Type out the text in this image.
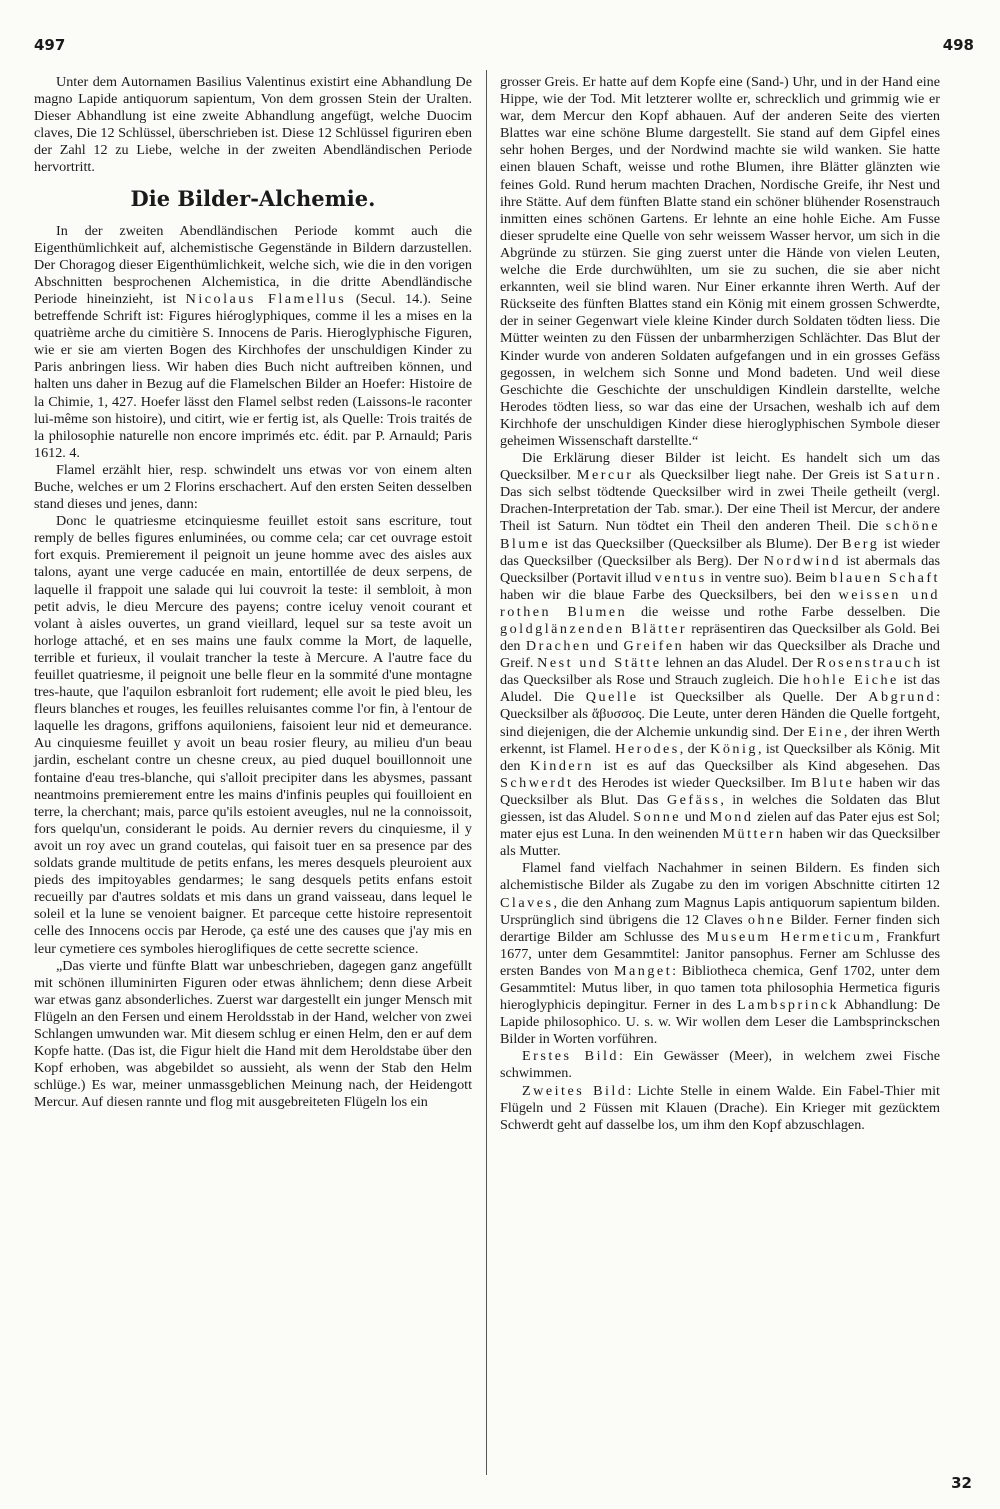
497	498

Unter dem Autornamen Basilius Valentinus existirt eine Abhandlung De magno Lapide antiquorum sapientum, Von dem grossen Stein der Uralten. Dieser Abhandlung ist eine zweite Abhandlung angefügt, welche Duocim claves, Die 12 Schlüssel, überschrieben ist. Diese 12 Schlüssel figuriren eben der Zahl 12 zu Liebe, welche in der zweiten Abendländischen Periode hervortritt.

Die Bilder-Alchemie.

In der zweiten Abendländischen Periode kommt auch die Eigenthümlichkeit auf, alchemistische Gegenstände in Bildern darzustellen. Der Choragog dieser Eigenthümlichkeit, welche sich, wie die in den vorigen Abschnitten besprochenen Alchemistica, in die dritte Abendländische Periode hineinzieht, ist Nicolaus Flamellus (Secul. 14.). Seine betreffende Schrift ist: Figures hiéroglyphiques, comme il les a mises en la quatrième arche du cimitière S. Innocens de Paris. Hieroglyphische Figuren, wie er sie am vierten Bogen des Kirchhofes der unschuldigen Kinder zu Paris anbringen liess. Wir haben dies Buch nicht auftreiben können, und halten uns daher in Bezug auf die Flamelschen Bilder an Hoefer: Histoire de la Chimie, 1, 427. Hoefer lässt den Flamel selbst reden (Laissons-le raconter lui-même son histoire), und citirt, wie er fertig ist, als Quelle: Trois traités de la philosophie naturelle non encore imprimés etc. édit. par P. Arnauld; Paris 1612. 4.

Flamel erzählt hier, resp. schwindelt uns etwas vor von einem alten Buche, welches er um 2 Florins erschachert. Auf den ersten Seiten desselben stand dieses und jenes, dann:

Donc le quatriesme etcinquiesme feuillet estoit sans escriture, tout remply de belles figures enluminées, ou comme cela; car cet ouvrage estoit fort exquis. Premierement il peignoit un jeune homme avec des aisles aux talons, ayant une verge caducée en main, entortillée de deux serpens, de laquelle il frappoit une salade qui lui couvroit la teste: il sembloit, à mon petit advis, le dieu Mercure des payens; contre iceluy venoit courant et volant à aisles ouvertes, un grand vieillard, lequel sur sa teste avoit un horloge attaché, et en ses mains une faulx comme la Mort, de laquelle, terrible et furieux, il voulait trancher la teste à Mercure. A l'autre face du feuillet quatriesme, il peignoit une belle fleur en la sommité d'une montagne tres-haute, que l'aquilon esbranloit fort rudement; elle avoit le pied bleu, les fleurs blanches et rouges, les feuilles reluisantes comme l'or fin, à l'entour de laquelle les dragons, griffons aquiloniens, faisoient leur nid et demeurance. Au cinquiesme feuillet y avoit un beau rosier fleury, au milieu d'un beau jardin, eschelant contre un chesne creux, au pied duquel bouillonnoit une fontaine d'eau tres-blanche, qui s'alloit precipiter dans les abysmes, passant neantmoins premierement entre les mains d'infinis peuples qui fouilloient en terre, la cherchant; mais, parce qu'ils estoient aveugles, nul ne la connoissoit, fors quelqu'un, considerant le poids. Au dernier revers du cinquiesme, il y avoit un roy avec un grand coutelas, qui faisoit tuer en sa presence par des soldats grande multitude de petits enfans, les meres desquels pleuroient aux pieds des impitoyables gendarmes; le sang desquels petits enfans estoit recueilly par d'autres soldats et mis dans un grand vaisseau, dans lequel le soleil et la lune se venoient baigner. Et parceque cette histoire representoit celle des Innocens occis par Herode, ça esté une des causes que j'ay mis en leur cymetiere ces symboles hieroglifiques de cette secrette science.

„Das vierte und fünfte Blatt war unbeschrieben, dagegen ganz angefüllt mit schönen illuminirten Figuren oder etwas ähnlichem; denn diese Arbeit war etwas ganz absonderliches. Zuerst war dargestellt ein junger Mensch mit Flügeln an den Fersen und einem Heroldsstab in der Hand, welcher von zwei Schlangen umwunden war. Mit diesem schlug er einen Helm, den er auf dem Kopfe hatte. (Das ist, die Figur hielt die Hand mit dem Heroldstabe über den Kopf erhoben, was abgebildet so aussieht, als wenn der Stab den Helm schlüge.) Es war, meiner unmassgeblichen Meinung nach, der Heidengott Mercur. Auf diesen rannte und flog mit ausgebreiteten Flügeln los ein

grosser Greis. Er hatte auf dem Kopfe eine (Sand-) Uhr, und in der Hand eine Hippe, wie der Tod. Mit letzterer wollte er, schrecklich und grimmig wie er war, dem Mercur den Kopf abhauen. Auf der anderen Seite des vierten Blattes war eine schöne Blume dargestellt. Sie stand auf dem Gipfel eines sehr hohen Berges, und der Nordwind machte sie wild wanken. Sie hatte einen blauen Schaft, weisse und rothe Blumen, ihre Blätter glänzten wie feines Gold. Rund herum machten Drachen, Nordische Greife, ihr Nest und ihre Stätte. Auf dem fünften Blatte stand ein schöner blühender Rosenstrauch inmitten eines schönen Gartens. Er lehnte an eine hohle Eiche. Am Fusse dieser sprudelte eine Quelle von sehr weissem Wasser hervor, um sich in die Abgründe zu stürzen. Sie ging zuerst unter die Hände von vielen Leuten, welche die Erde durchwühlten, um sie zu suchen, die sie aber nicht erkannten, weil sie blind waren. Nur Einer erkannte ihren Werth. Auf der Rückseite des fünften Blattes stand ein König mit einem grossen Schwerdte, der in seiner Gegenwart viele kleine Kinder durch Soldaten tödten liess. Die Mütter weinten zu den Füssen der unbarmherzigen Schlächter. Das Blut der Kinder wurde von anderen Soldaten aufgefangen und in ein grosses Gefäss gegossen, in welchem sich Sonne und Mond badeten. Und weil diese Geschichte die Geschichte der unschuldigen Kindlein darstellte, welche Herodes tödten liess, so war das eine der Ursachen, weshalb ich auf dem Kirchhofe der unschuldigen Kinder diese hieroglyphischen Symbole dieser geheimen Wissenschaft darstellte.“

Die Erklärung dieser Bilder ist leicht. Es handelt sich um das Quecksilber. Mercur als Quecksilber liegt nahe. Der Greis ist Saturn. Das sich selbst tödtende Quecksilber wird in zwei Theile getheilt (vergl. Drachen-Interpretation der Tab. smar.). Der eine Theil ist Mercur, der andere Theil ist Saturn. Nun tödtet ein Theil den anderen Theil. Die schöne Blume ist das Quecksilber (Quecksilber als Blume). Der Berg ist wieder das Quecksilber (Quecksilber als Berg). Der Nordwind ist abermals das Quecksilber (Portavit illud ventus in ventre suo). Beim blauen Schaft haben wir die blaue Farbe des Quecksilbers, bei den weissen und rothen Blumen die weisse und rothe Farbe desselben. Die goldglänzenden Blätter repräsentiren das Quecksilber als Gold. Bei den Drachen und Greifen haben wir das Quecksilber als Drache und Greif. Nest und Stätte lehnen an das Aludel. Der Rosenstrauch ist das Quecksilber als Rose und Strauch zugleich. Die hohle Eiche ist das Aludel. Die Quelle ist Quecksilber als Quelle. Der Abgrund: Quecksilber als ἄβυσσος. Die Leute, unter deren Händen die Quelle fortgeht, sind diejenigen, die der Alchemie unkundig sind. Der Eine, der ihren Werth erkennt, ist Flamel. Herodes, der König, ist Quecksilber als König. Mit den Kindern ist es auf das Quecksilber als Kind abgesehen. Das Schwerdt des Herodes ist wieder Quecksilber. Im Blute haben wir das Quecksilber als Blut. Das Gefäss, in welches die Soldaten das Blut giessen, ist das Aludel. Sonne und Mond zielen auf das Pater ejus est Sol; mater ejus est Luna. In den weinenden Müttern haben wir das Quecksilber als Mutter.

Flamel fand vielfach Nachahmer in seinen Bildern. Es finden sich alchemistische Bilder als Zugabe zu den im vorigen Abschnitte citirten 12 Claves, die den Anhang zum Magnus Lapis antiquorum sapientum bilden. Ursprünglich sind übrigens die 12 Claves ohne Bilder. Ferner finden sich derartige Bilder am Schlusse des Museum Hermeticum, Frankfurt 1677, unter dem Gesammtitel: Janitor pansophus. Ferner am Schlusse des ersten Bandes von Manget: Bibliotheca chemica, Genf 1702, unter dem Gesammtitel: Mutus liber, in quo tamen tota philosophia Hermetica figuris hieroglyphicis depingitur. Ferner in des Lambsprinck Abhandlung: De Lapide philosophico. U. s. w. Wir wollen dem Leser die Lambsprinckschen Bilder in Worten vorführen.

Erstes Bild: Ein Gewässer (Meer), in welchem zwei Fische schwimmen.

Zweites Bild: Lichte Stelle in einem Walde. Ein Fabel-Thier mit Flügeln und 2 Füssen mit Klauen (Drache). Ein Krieger mit gezücktem Schwerdt geht auf dasselbe los, um ihm den Kopf abzuschlagen.

32
